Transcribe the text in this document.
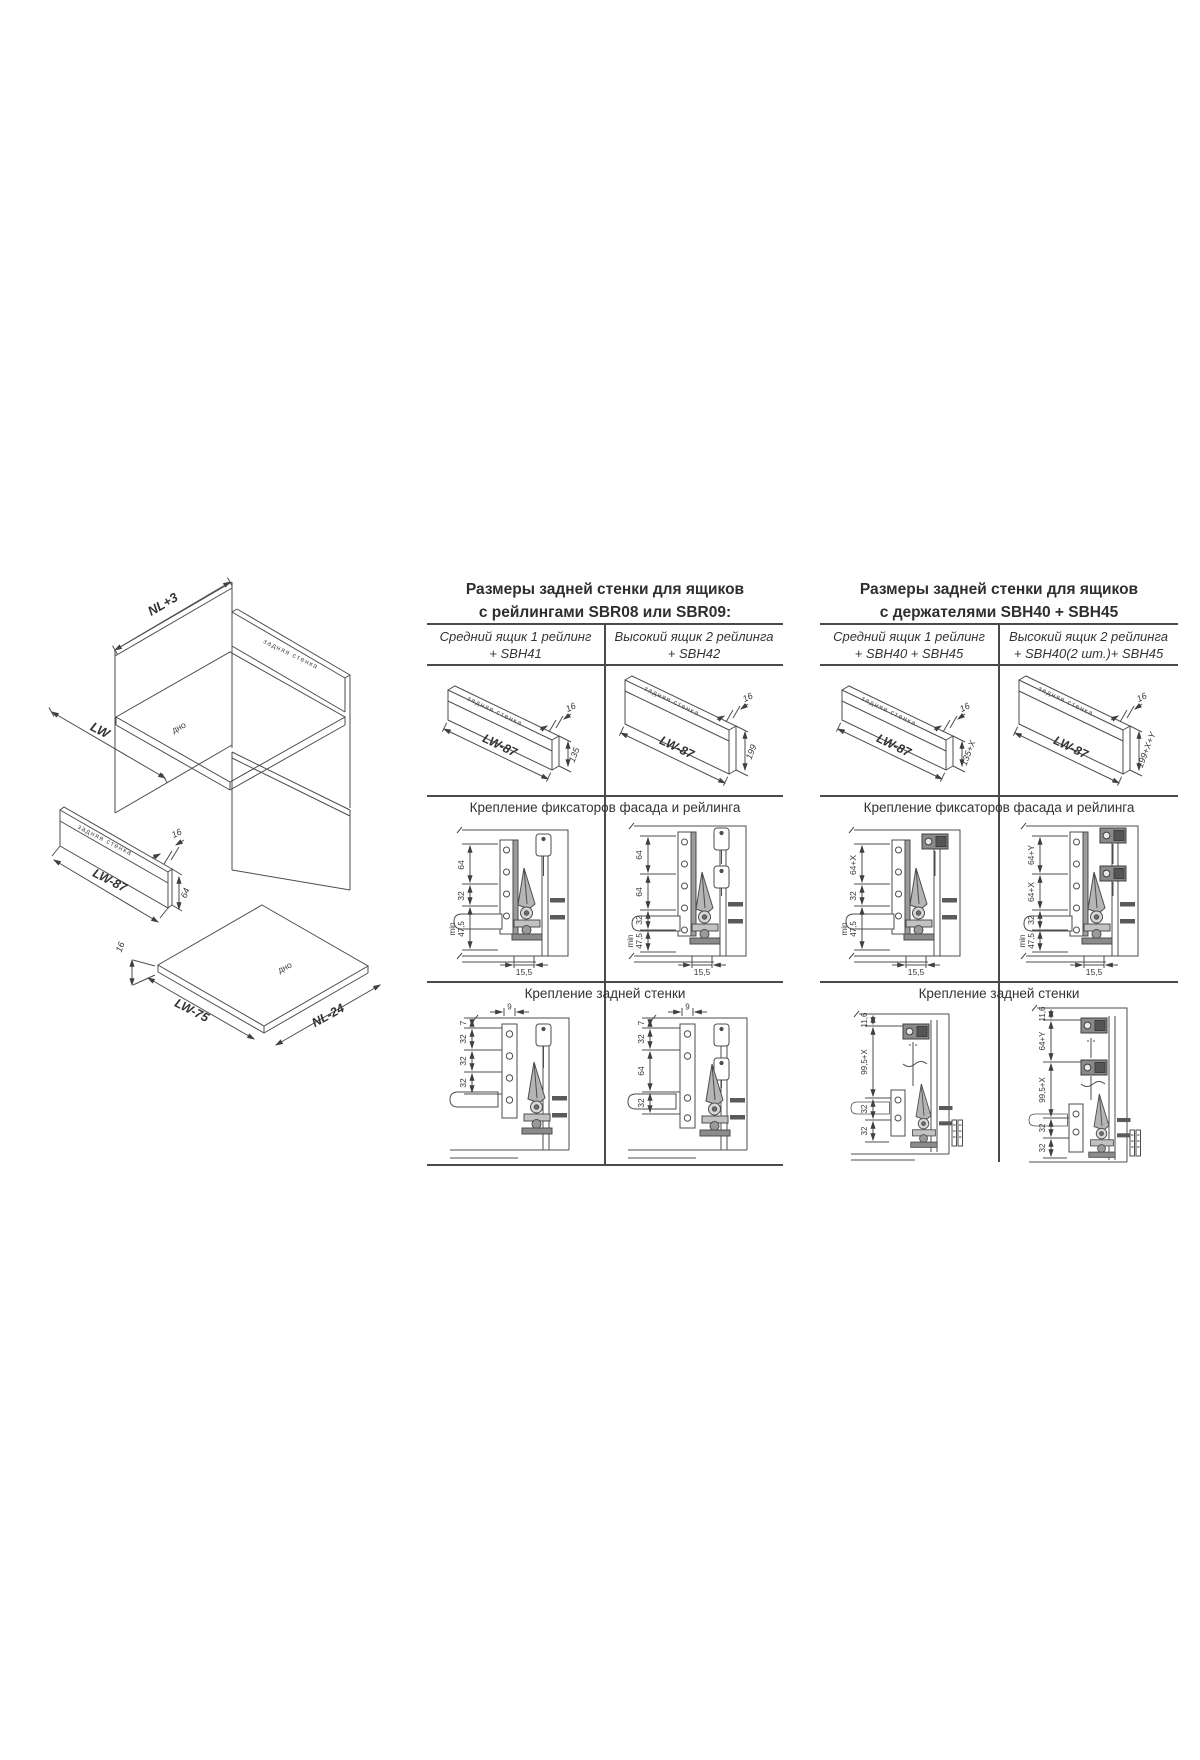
NL+3
задняя стенка
дно
LW
задняя стенка
LW-87
16
64
дно
LW-75	NL-24
16
Размеры задней стенки для ящиков
с рейлингами SBR08 или SBR09:
Средний ящик 1 рейлинг
+ SBH41
Высокий ящик 2 рейлинга
+ SBH42
Крепление фиксаторов фасада и рейлинга
Крепление задней стенки
задняя стенка
LW-87
16
135
задняя стенка
LW-87
16
199
64
32
min 47,5
15,5
64
64
32
min 47,5
15,5
9
7
32
32
32
9
7
32
64
32
Размеры задней стенки для ящиков
с держателями SBH40 + SBH45
Средний ящик 1 рейлинг
+ SBH40 + SBH45
Высокий ящик 2 рейлинга
+ SBH40(2 шт.)+ SBH45
Крепление фиксаторов фасада и рейлинга
Крепление задней стенки
задняя стенка
LW-87
16
135+X
задняя стенка
LW-87
16
199+X+Y
64+X
32
min 47,5
15,5
64+Y
64+X
32
min 47,5
15,5
11,6
99,5+X
32
32
11,6
64+Y
99,5+X
32
32
